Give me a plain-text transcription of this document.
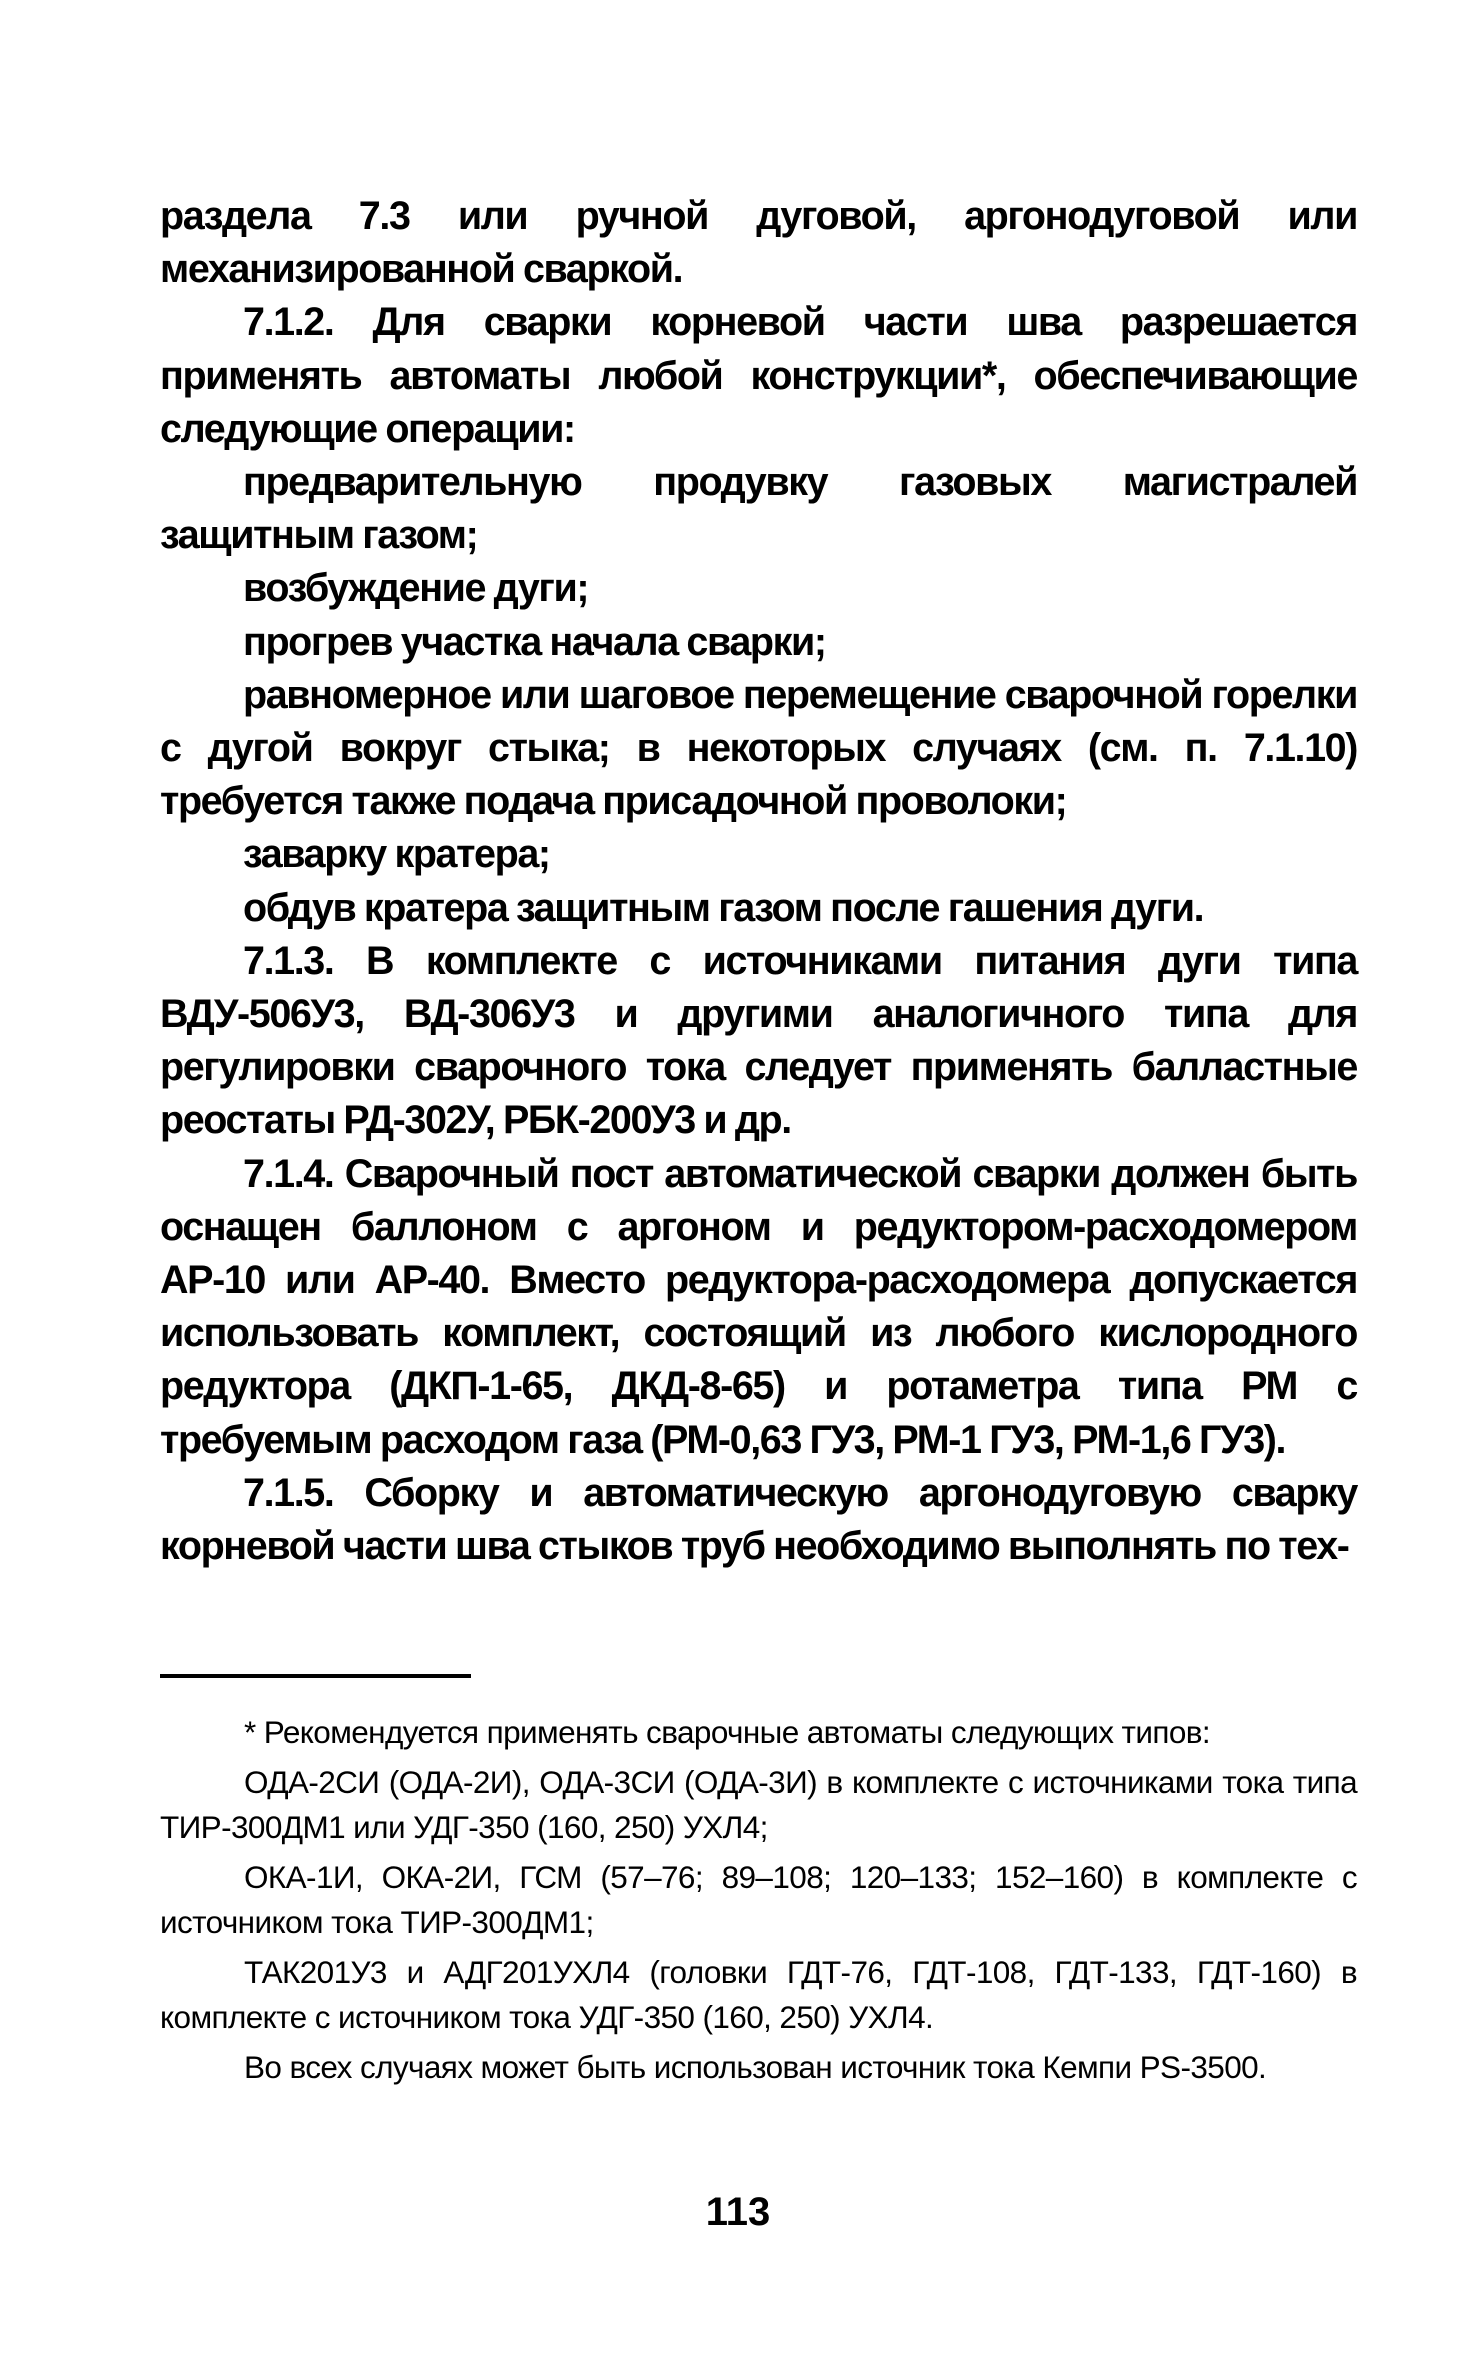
раздела 7.3 или ручной дуговой, аргонодуговой или механизированной сваркой.

7.1.2. Для сварки корневой части шва разрешается применять автоматы любой конструкции*, обеспечивающие следующие операции:

предварительную продувку газовых магистралей защитным газом;

возбуждение дуги;

прогрев участка начала сварки;

равномерное или шаговое перемещение сварочной горелки с дугой вокруг стыка; в некоторых случаях (см. п. 7.1.10) требуется также подача присадочной проволоки;

заварку кратера;

обдув кратера защитным газом после гашения дуги.

7.1.3. В комплекте с источниками питания дуги типа ВДУ-506У3, ВД-306У3 и другими аналогичного типа для регулировки сварочного тока следует применять балластные реостаты РД-302У, РБК-200У3 и др.

7.1.4. Сварочный пост автоматической сварки должен быть оснащен баллоном с аргоном и редуктором-расходомером АР-10 или АР-40. Вместо редуктора-расходомера допускается использовать комплект, состоящий из любого кислородного редуктора (ДКП-1-65, ДКД-8-65) и ротаметра типа РМ с требуемым расходом газа (РМ-0,63 ГУ3, РМ-1 ГУ3, РМ-1,6 ГУ3).

7.1.5. Сборку и автоматическую аргонодуговую сварку корневой части шва стыков труб необходимо выполнять по тех-

* Рекомендуется применять сварочные автоматы следующих типов:

ОДА-2СИ (ОДА-2И), ОДА-3СИ (ОДА-3И) в комплекте с источниками тока типа ТИР-300ДМ1 или УДГ-350 (160, 250) УХЛ4;

ОКА-1И, ОКА-2И, ГСМ (57–76; 89–108; 120–133; 152–160) в комплекте с источником тока ТИР-300ДМ1;

ТАК201У3 и АДГ201УХЛ4 (головки ГДТ-76, ГДТ-108, ГДТ-133, ГДТ-160) в комплекте с источником тока УДГ-350 (160, 250) УХЛ4.

Во всех случаях может быть использован источник тока Кемпи PS-3500.

113
